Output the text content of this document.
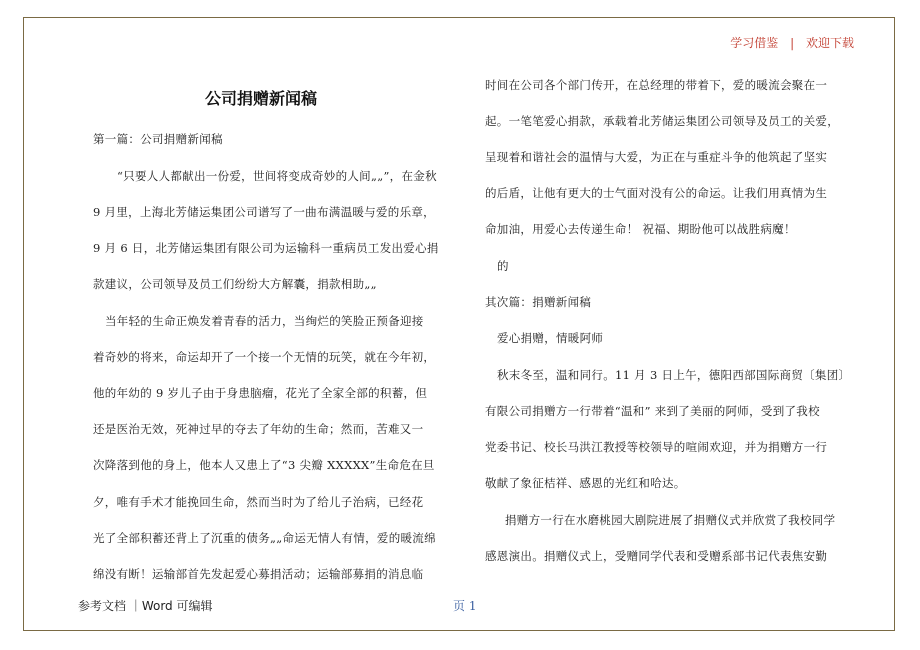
学习借鉴 | 欢迎下载
公司捐赠新闻稿
第一篇：公司捐赠新闻稿
“只要人人都献出一份爱，世间将变成奇妙的人间„„”，在金秋
9 月里，上海北芳储运集团公司谱写了一曲布满温暖与爱的乐章，
9 月 6 日，北芳储运集团有限公司为运输科一重病员工发出爱心捐
款建议，公司领导及员工们纷纷大方解囊，捐款相助„„
当年轻的生命正焕发着青春的活力，当绚烂的笑脸正预备迎接
着奇妙的将来，命运却开了一个接一个无情的玩笑，就在今年初，
他的年幼的 9 岁儿子由于身患脑瘤，花光了全家全部的积蓄，但
还是医治无效，死神过早的夺去了年幼的生命；然而，苦难又一
次降落到他的身上，他本人又患上了“3 尖瓣 XXXXX”生命危在旦
夕，唯有手术才能挽回生命，然而当时为了给儿子治病，已经花
光了全部积蓄还背上了沉重的债务„„命运无情人有情，爱的暖流绵
绵没有断！运输部首先发起爱心募捐活动；运输部募捐的消息临
时间在公司各个部门传开，在总经理的带着下，爱的暖流会聚在一
起。一笔笔爱心捐款，承载着北芳储运集团公司领导及员工的关爱，
呈现着和谐社会的温情与大爱，为正在与重症斗争的他筑起了坚实
的后盾，让他有更大的士气面对没有公的命运。让我们用真情为生
命加油，用爱心去传递生命！ 祝福、期盼他可以战胜病魔！
的
其次篇：捐赠新闻稿
爱心捐赠，情暖阿师
秋末冬至，温和同行。11 月 3 日上午，德阳西部国际商贸〔集团〕
有限公司捐赠方一行带着“温和” 来到了美丽的阿师，受到了我校
党委书记、校长马洪江教授等校领导的喧闹欢迎，并为捐赠方一行
敬献了象征桔祥、感恩的光红和哈达。
捐赠方一行在水磨桃园大剧院进展了捐赠仪式并欣赏了我校同学
感恩演出。捐赠仪式上，受赠同学代表和受赠系部书记代表焦安勤
参考文档 ｜Word 可编辑	页 1
